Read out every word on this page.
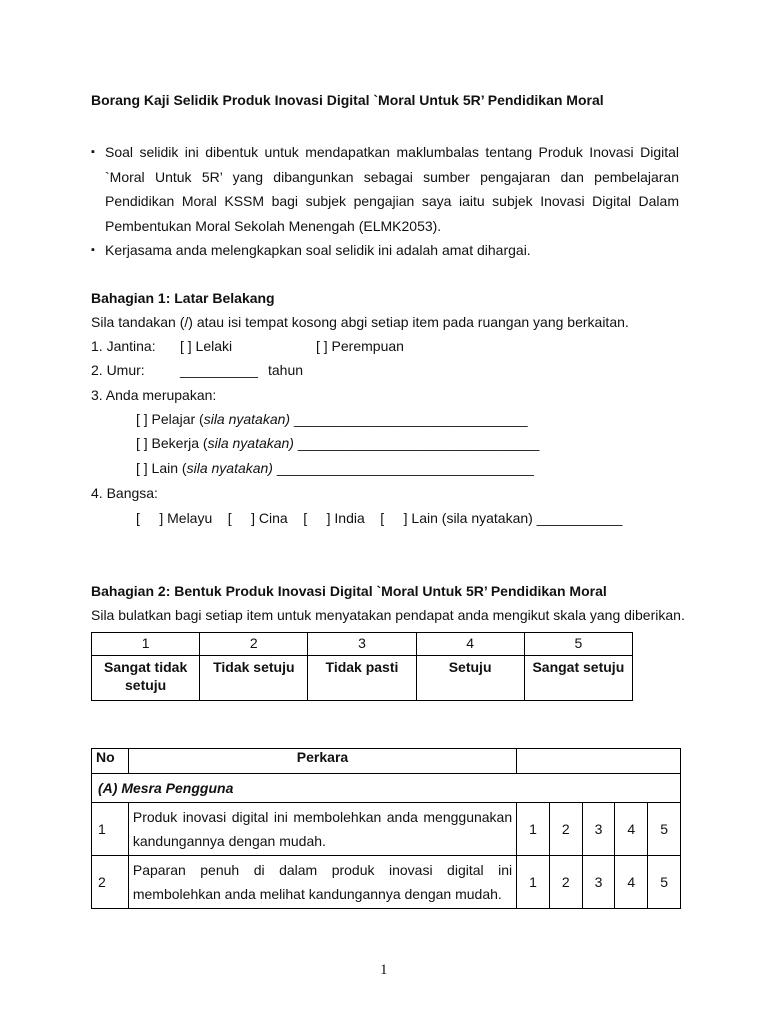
Borang Kaji Selidik Produk Inovasi Digital `Moral Untuk 5R’ Pendidikan Moral
▪ Soal selidik ini dibentuk untuk mendapatkan maklumbalas tentang Produk Inovasi Digital `Moral Untuk 5R’ yang dibangunkan sebagai sumber pengajaran dan pembelajaran Pendidikan Moral KSSM bagi subjek pengajian saya iaitu subjek Inovasi Digital Dalam Pembentukan Moral Sekolah Menengah (ELMK2053).
▪ Kerjasama anda melengkapkan soal selidik ini adalah amat dihargai.
Bahagian 1: Latar Belakang
Sila tandakan (/) atau isi tempat kosong abgi setiap item pada ruangan yang berkaitan.
1. Jantina: [ ] Lelaki	[ ] Perempuan
2. Umur:	__________ tahun
3. Anda merupakan:
[ ] Pelajar (sila nyatakan) ______________________________
[ ] Bekerja (sila nyatakan) _______________________________
[ ] Lain (sila nyatakan) _________________________________
4. Bangsa:
[     ] Melayu    [     ] Cina    [     ] India    [     ] Lain (sila nyatakan) ___________
Bahagian 2: Bentuk Produk Inovasi Digital `Moral Untuk 5R’ Pendidikan Moral
Sila bulatkan bagi setiap item untuk menyatakan pendapat anda mengikut skala yang diberikan.
1	2	3	4	5
Sangat tidak setuju	Tidak setuju	Tidak pasti	Setuju	Sangat setuju
No	Perkara					
(A) Mesra Pengguna						
1	Produk inovasi digital ini membolehkan anda menggunakan kandungannya dengan mudah.	1	2	3	4	5
2	Paparan penuh di dalam produk inovasi digital ini membolehkan anda melihat kandungannya dengan mudah.	1	2	3	4	5
1
